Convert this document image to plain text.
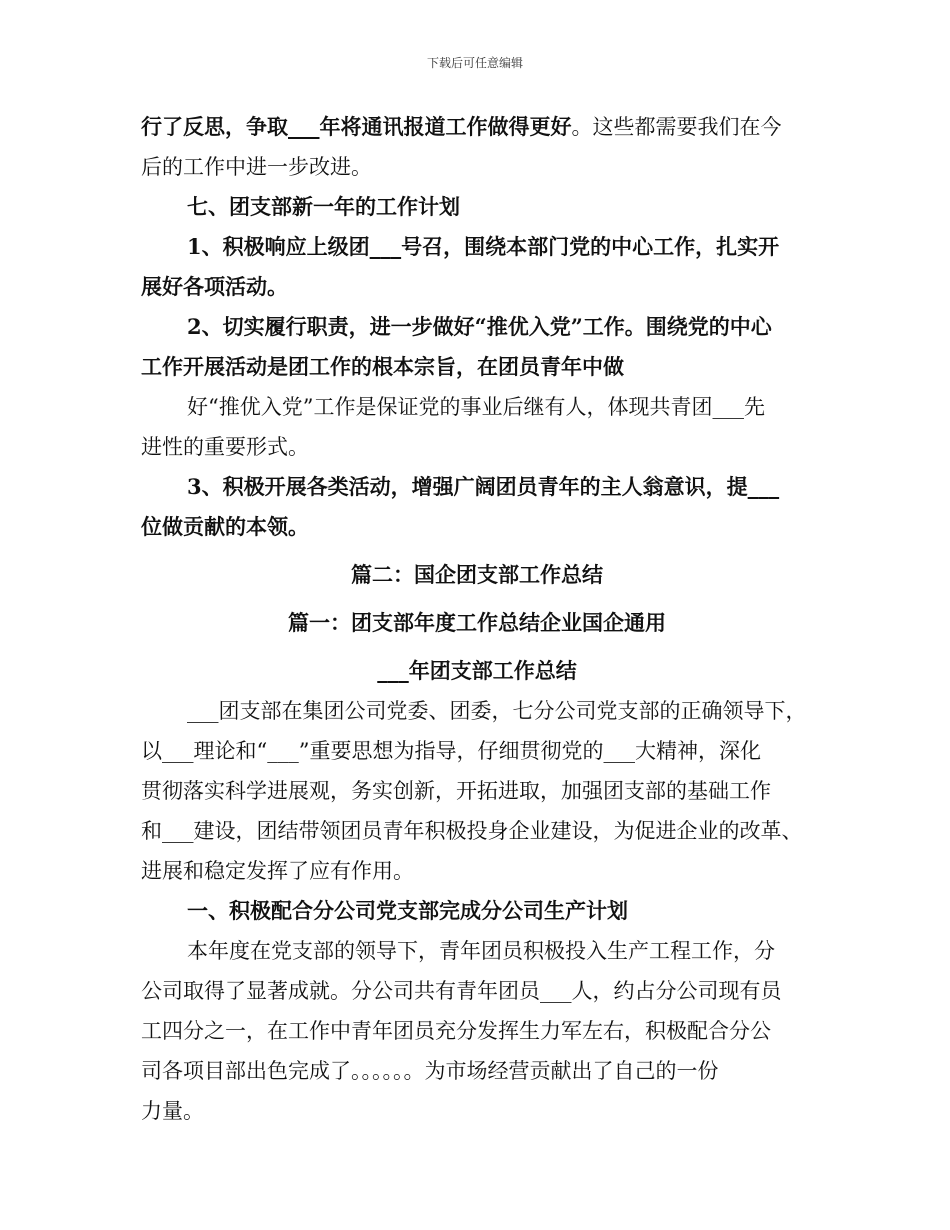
下载后可任意编辑
行了反思，争取___年将通讯报道工作做得更好。这些都需要我们在今
后的工作中进一步改进。
七、团支部新一年的工作计划
1、积极响应上级团___号召，围绕本部门党的中心工作，扎实开
展好各项活动。
2、切实履行职责，进一步做好“推优入党”工作。围绕党的中心
工作开展活动是团工作的根本宗旨，在团员青年中做
好“推优入党”工作是保证党的事业后继有人，体现共青团___先
进性的重要形式。
3、积极开展各类活动，增强广阔团员青年的主人翁意识，提___
位做贡献的本领。
篇二：国企团支部工作总结
篇一：团支部年度工作总结企业国企通用
___年团支部工作总结
___团支部在集团公司党委、团委，七分公司党支部的正确领导下，
以___理论和“___”重要思想为指导，仔细贯彻党的___大精神，深化
贯彻落实科学进展观，务实创新，开拓进取，加强团支部的基础工作
和___建设，团结带领团员青年积极投身企业建设，为促进企业的改革、
进展和稳定发挥了应有作用。
一、积极配合分公司党支部完成分公司生产计划
本年度在党支部的领导下，青年团员积极投入生产工程工作，分
公司取得了显著成就。分公司共有青年团员___人，约占分公司现有员
工四分之一，在工作中青年团员充分发挥生力军左右，积极配合分公
司各项目部出色完成了。。。。。。为市场经营贡献出了自己的一份
力量。
